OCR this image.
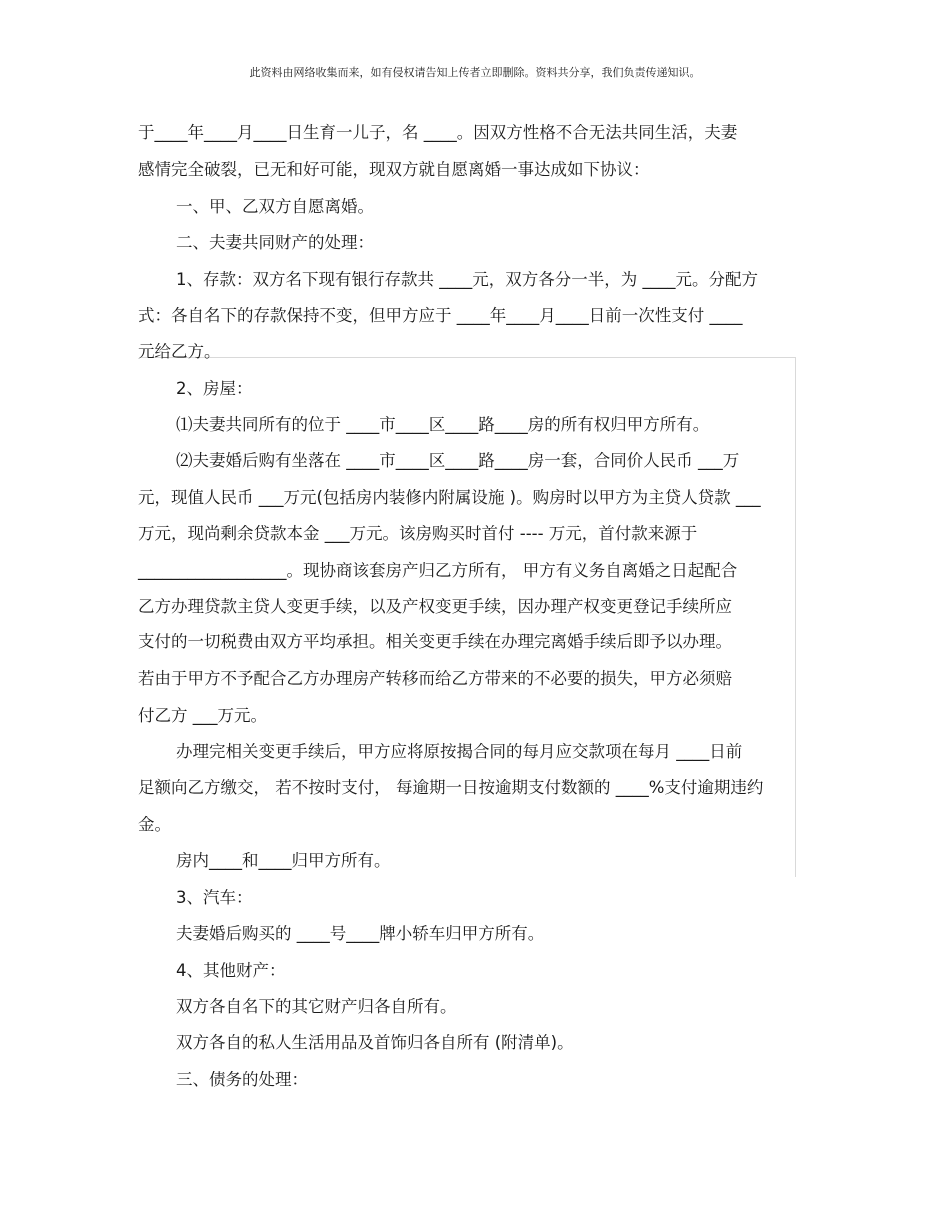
此资料由网络收集而来，如有侵权请告知上传者立即删除。资料共分享，我们负责传递知识。
于____年____月____日生育一儿子，名 ____。因双方性格不合无法共同生活，夫妻
感情完全破裂，已无和好可能，现双方就自愿离婚一事达成如下协议：
一、甲、乙双方自愿离婚。
二、夫妻共同财产的处理：
1、存款：双方名下现有银行存款共 ____元，双方各分一半，为 ____元。分配方
式：各自名下的存款保持不变，但甲方应于 ____年____月____日前一次性支付 ____
元给乙方。
2、房屋：
⑴夫妻共同所有的位于 ____市____区____路____房的所有权归甲方所有。
⑵夫妻婚后购有坐落在 ____市____区____路____房一套，合同价人民币 ___万
元，现值人民币 ___万元(包括房内装修内附属设施 )。购房时以甲方为主贷人贷款 ___
万元，现尚剩余贷款本金 ___万元。该房购买时首付 ---- 万元，首付款来源于
__________________。现协商该套房产归乙方所有， 甲方有义务自离婚之日起配合
乙方办理贷款主贷人变更手续，以及产权变更手续，因办理产权变更登记手续所应
支付的一切税费由双方平均承担。相关变更手续在办理完离婚手续后即予以办理。
若由于甲方不予配合乙方办理房产转移而给乙方带来的不必要的损失，甲方必须赔
付乙方 ___万元。
办理完相关变更手续后，甲方应将原按揭合同的每月应交款项在每月 ____日前
足额向乙方缴交， 若不按时支付， 每逾期一日按逾期支付数额的 ____%支付逾期违约
金。
房内____和____归甲方所有。
3、汽车：
夫妻婚后购买的 ____号____牌小轿车归甲方所有。
4、其他财产：
双方各自名下的其它财产归各自所有。
双方各自的私人生活用品及首饰归各自所有 (附清单)。
三、债务的处理：
